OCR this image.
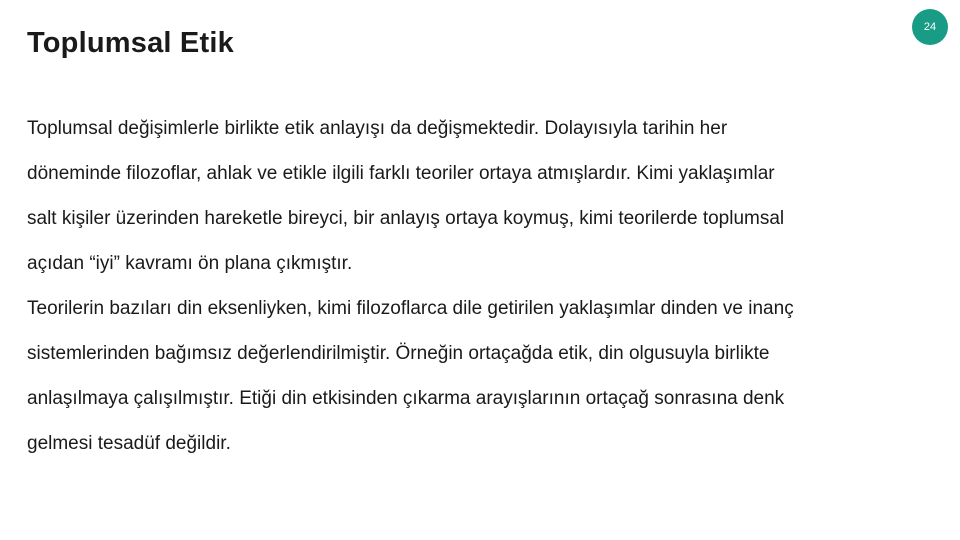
Toplumsal Etik	24

Toplumsal değişimlerle birlikte etik anlayışı da değişmektedir. Dolayısıyla tarihin her
döneminde filozoflar, ahlak ve etikle ilgili farklı teoriler ortaya atmışlardır. Kimi yaklaşımlar
salt kişiler üzerinden hareketle bireyci, bir anlayış ortaya koymuş, kimi teorilerde toplumsal
açıdan “iyi” kavramı ön plana çıkmıştır.

Teorilerin bazıları din eksenliyken, kimi filozoflarca dile getirilen yaklaşımlar dinden ve inanç
sistemlerinden bağımsız değerlendirilmiştir. Örneğin ortaçağda etik, din olgusuyla birlikte
anlaşılmaya çalışılmıştır. Etiği din etkisinden çıkarma arayışlarının ortaçağ sonrasına denk
gelmesi tesadüf değildir.
